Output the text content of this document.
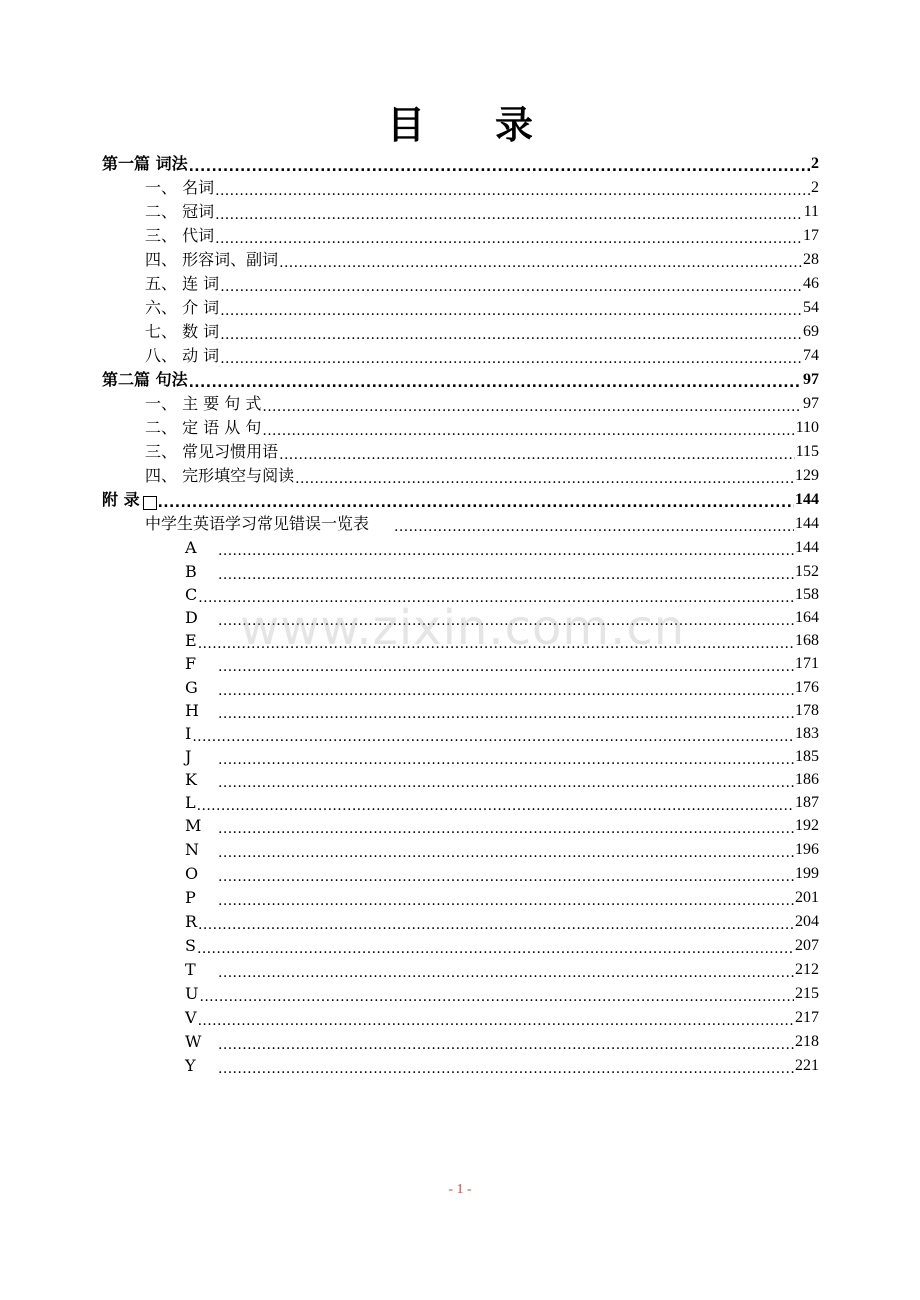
目 录
第一篇 词法 .....	2
一、 名词 .....	2
二、 冠词 .....	11
三、 代词 .....	17
四、 形容词、副词 .....	28
五、 连 词 .....	46
六、 介 词 .....	54
七、 数 词 .....	69
八、 动 词 .....	74
第二篇 句法 .....	97
一、 主 要 句 式 .....	97
二、 定 语 从 句 .....	110
三、 常见习惯用语 .....	115
四、 完形填空与阅读 .....	129
附 录 .....	144
中学生英语学习常见错误一览表 .....	144
A .....	144
B .....	152
C .....	158
D .....	164
E .....	168
F .....	171
G .....	176
H .....	178
I .....	183
J .....	185
K .....	186
L .....	187
M .....	192
N .....	196
O .....	199
P .....	201
R .....	204
S .....	207
T .....	212
U .....	215
V .....	217
W .....	218
Y .....	221
www.zixin.com.cn
- 1 -
